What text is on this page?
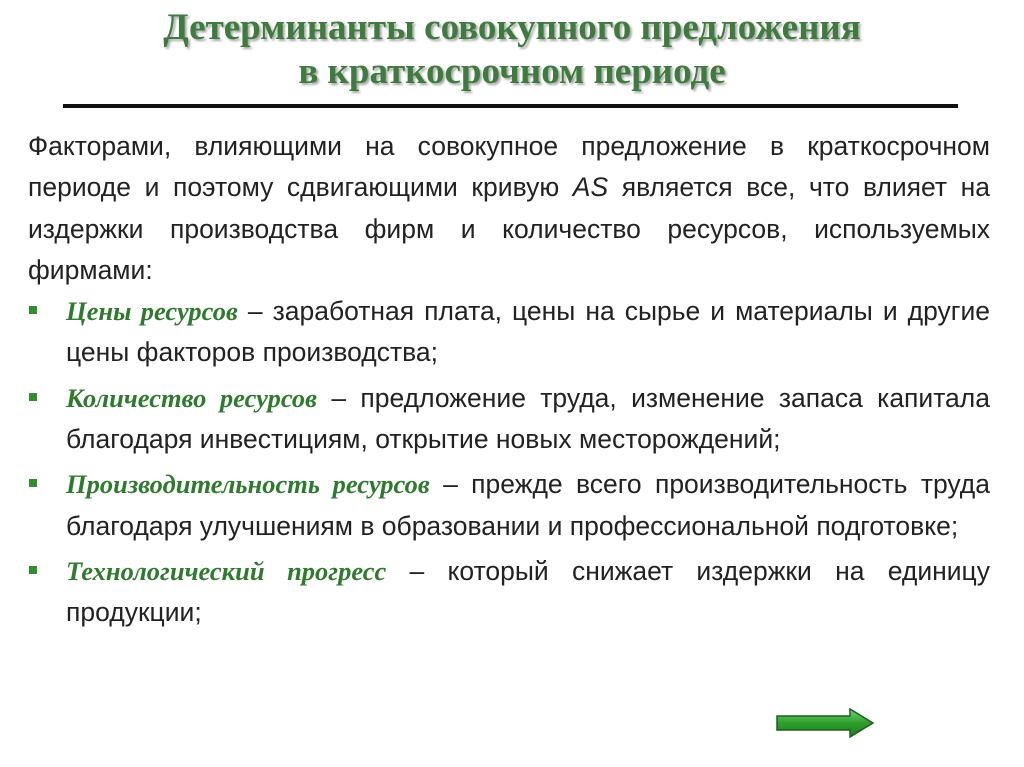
Детерминанты совокупного предложения
в краткосрочном периоде

Факторами, влияющими на совокупное предложение в краткосрочном периоде и поэтому сдвигающими кривую AS является все, что влияет на издержки производства фирм и количество ресурсов, используемых фирмами:

Цены ресурсов – заработная плата, цены на сырье и материалы и другие цены факторов производства;
Количество ресурсов – предложение труда, изменение запаса капитала благодаря инвестициям, открытие новых месторождений;
Производительность ресурсов – прежде всего производительность труда благодаря улучшениям в образовании и профессиональной подготовке;
Технологический прогресс – который снижает издержки на единицу продукции;
